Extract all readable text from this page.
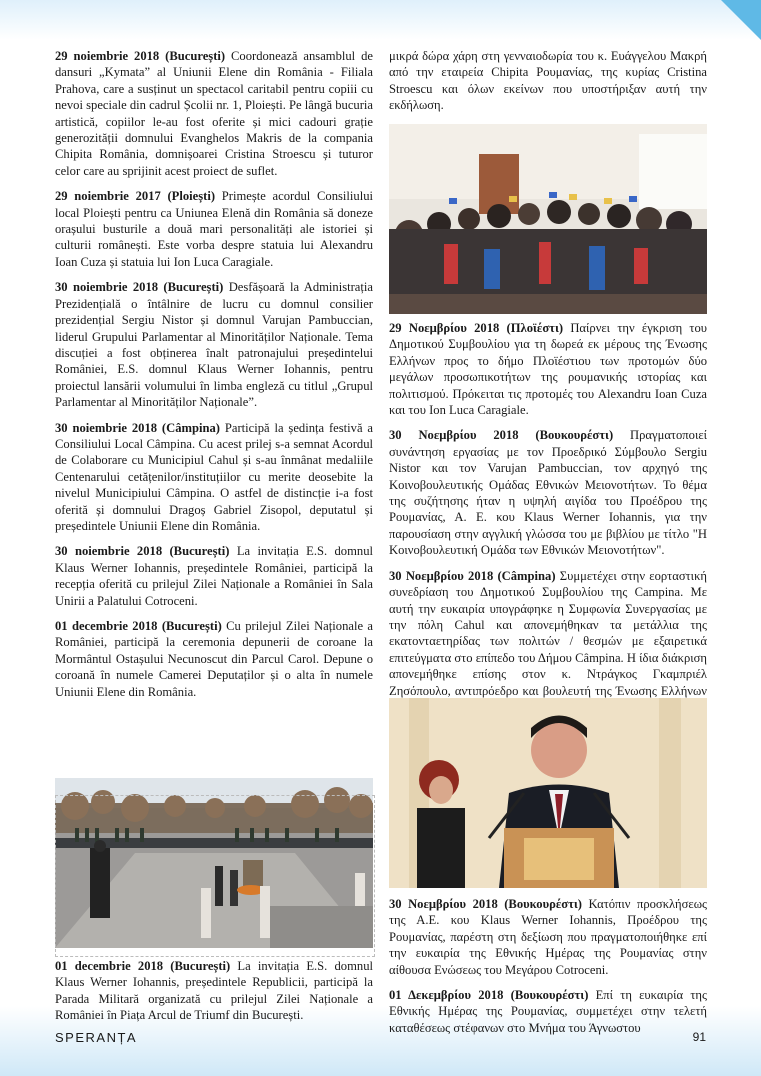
29 noiembrie 2018 (București) Coordonează ansamblul de dansuri „Kymata” al Uniunii Elene din România - Filiala Prahova, care a susținut un spectacol caritabil pentru copiii cu nevoi speciale din cadrul Școlii nr. 1, Ploiești. Pe lângă bucuria artistică, copiilor le-au fost oferite și mici cadouri grație generozității domnului Evanghelos Makris de la compania Chipita România, domnișoarei Cristina Stroescu și tuturor celor care au sprijinit acest proiect de suflet.

29 noiembrie 2017 (Ploiești) Primește acordul Consiliului local Ploiești pentru ca Uniunea Elenă din România să doneze orașului busturile a două mari personalități ale istoriei și culturii românești. Este vorba despre statuia lui Alexandru Ioan Cuza și statuia lui Ion Luca Caragiale.

30 noiembrie 2018 (București) Desfășoară la Administrația Prezidențială o întâlnire de lucru cu domnul consilier prezidențial Sergiu Nistor și domnul Varujan Pambuccian, liderul Grupului Parlamentar al Minorităților Naționale. Tema discuției a fost obținerea înalt patronajului președintelui României, E.S. domnul Klaus Werner Iohannis, pentru proiectul lansării volumului în limba engleză cu titlul „Grupul Parlamentar al Minorităților Naționale”.

30 noiembrie 2018 (Câmpina) Participă la ședința festivă a Consiliului Local Câmpina. Cu acest prilej s-a semnat Acordul de Colaborare cu Municipiul Cahul și s-au înmânat medaliile Centenarului cetățenilor/instituțiilor cu merite deosebite la nivelul Municipiului Câmpina. O astfel de distincție i-a fost oferită și domnului Dragoș Gabriel Zisopol, deputatul și președintele Uniunii Elene din România.

30 noiembrie 2018 (București) La invitația E.S. domnul Klaus Werner Iohannis, președintele României, participă la recepția oferită cu prilejul Zilei Naționale a României în Sala Unirii a Palatului Cotroceni.

01 decembrie 2018 (București) Cu prilejul Zilei Naționale a României, participă la ceremonia depunerii de coroane la Mormântul Ostașului Necunoscut din Parcul Carol. Depune o coroană în numele Camerei Deputaților și o alta în numele Uniunii Elene din România.

01 decembrie 2018 (București) La invitația E.S. domnul Klaus Werner Iohannis, președintele Republicii, participă la Parada Militară organizată cu prilejul Zilei Naționale a României în Piața Arcul de Triumf din București.

μικρά δώρα χάρη στη γενναιοδωρία του κ. Ευάγγελου Μακρή από την εταιρεία Chipita Ρουμανίας, της κυρίας Cristina Stroescu και όλων εκείνων που υποστήριξαν αυτή την εκδήλωση.

29 Νοεμβρίου 2018 (Πλοϊέστι) Παίρνει την έγκριση του Δημοτικού Συμβουλίου για τη δωρεά εκ μέρους της Ένωσης Ελλήνων προς το δήμο Πλοϊέστιου των προτομών δύο μεγάλων προσωπικοτήτων της ρουμανικής ιστορίας και πολιτισμού. Πρόκειται τις προτομές του Alexandru Ioan Cuza και του Ion Luca Caragiale.

30 Νοεμβρίου 2018 (Βουκουρέστι) Πραγματοποιεί συνάντηση εργασίας με τον Προεδρικό Σύμβουλο Sergiu Nistor και τον Varujan Pambuccian, τον αρχηγό της Κοινοβουλευτικής Ομάδας Εθνικών Μειονοτήτων. Το θέμα της συζήτησης ήταν η υψηλή αιγίδα του Προέδρου της Ρουμανίας, Α. Ε. κου Klaus Werner Iohannis, για την παρουσίαση στην αγγλική γλώσσα του με βιβλίου με τίτλο "Η Κοινοβουλευτική Ομάδα των Εθνικών Μειονοτήτων".

30 Νοεμβρίου 2018 (Câmpina) Συμμετέχει στην εορταστική συνεδρίαση του Δημοτικού Συμβουλίου της Campina. Με αυτή την ευκαιρία υπογράφηκε η Συμφωνία Συνεργασίας με την πόλη Cahul και απονεμήθηκαν τα μετάλλια της εκατονταετηρίδας των πολιτών / θεσμών με εξαιρετικά επιτεύγματα στο επίπεδο του Δήμου Câmpina. Η ίδια διάκριση απονεμήθηκε επίσης στον κ. Ντράγκος Γκαμπριέλ Ζησόπουλο, αντιπρόεδρο και βουλευτή της Ένωσης Ελλήνων

30 Νοεμβρίου 2018 (Βουκουρέστι) Κατόπιν προσκλήσεως της Α.Ε. κου Klaus Werner Iohannis, Προέδρου της Ρουμανίας, παρέστη στη δεξίωση που πραγματοποιήθηκε επί την ευκαιρία της Εθνικής Ημέρας της Ρουμανίας στην αίθουσα Ενώσεως του Μεγάρου Cotroceni.

01 Δεκεμβρίου 2018 (Βουκουρέστι) Επί τη ευκαιρία της Εθνικής Ημέρας της Ρουμανίας, συμμετέχει στην τελετή καταθέσεως στέφανων στο Μνήμα του Άγνωστου

SPERANȚA	91
